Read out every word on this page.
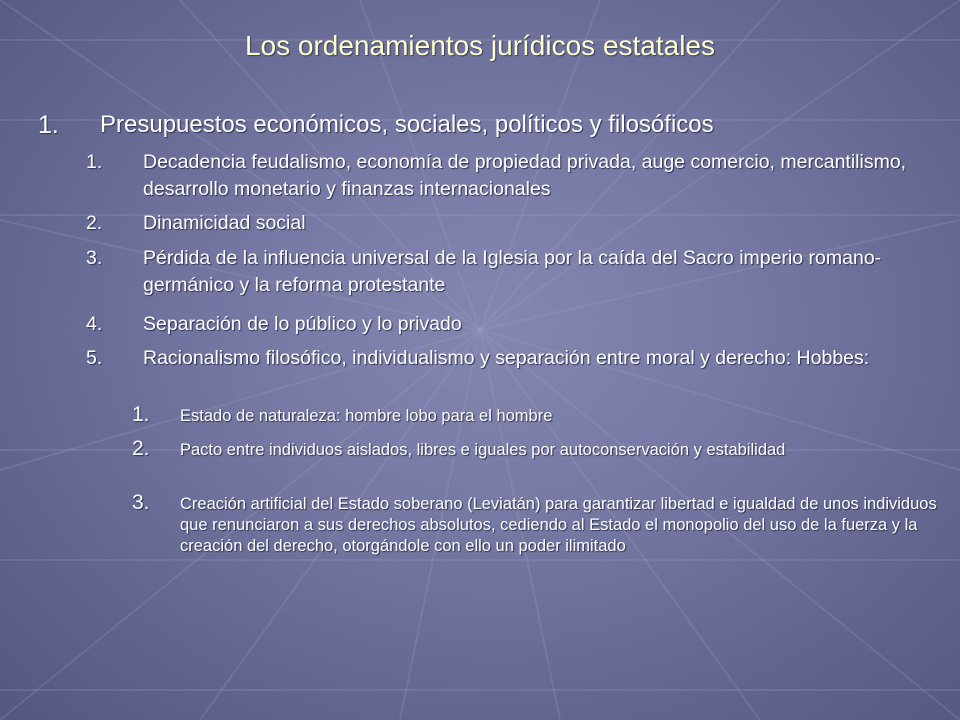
Los ordenamientos jurídicos estatales
1. Presupuestos económicos, sociales, políticos y filosóficos
1. Decadencia feudalismo, economía de propiedad privada, auge comercio, mercantilismo, desarrollo monetario y finanzas internacionales
2. Dinamicidad social
3. Pérdida de la influencia universal de la Iglesia por la caída del Sacro imperio romano-germánico y la reforma protestante
4. Separación de lo público y lo privado
5. Racionalismo filosófico, individualismo y separación entre moral y derecho: Hobbes:
1. Estado de naturaleza: hombre lobo para el hombre
2. Pacto entre individuos aislados, libres e iguales por autoconservación y estabilidad
3. Creación artificial del Estado soberano (Leviatán) para garantizar libertad e igualdad de unos individuos que renunciaron a sus derechos absolutos, cediendo al Estado el monopolio del uso de la fuerza y la creación del derecho, otorgándole con ello un poder ilimitado
